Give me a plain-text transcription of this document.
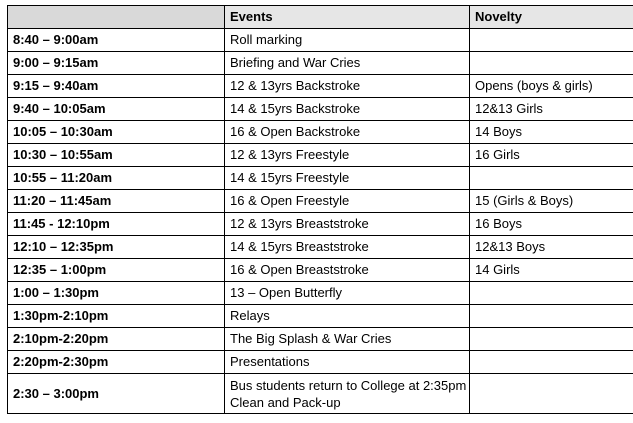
	Events	Novelty
8:40 – 9:00am	Roll marking	
9:00 – 9:15am	Briefing and War Cries	
9:15 – 9:40am	12 & 13yrs Backstroke	Opens (boys & girls)
9:40 – 10:05am	14 & 15yrs Backstroke	12&13 Girls
10:05 – 10:30am	16 & Open Backstroke	14 Boys
10:30 – 10:55am	12 & 13yrs Freestyle	16 Girls
10:55 – 11:20am	14 & 15yrs Freestyle	
11:20 – 11:45am	16 & Open Freestyle	15 (Girls & Boys)
11:45 - 12:10pm	12 & 13yrs Breaststroke	16 Boys
12:10 – 12:35pm	14 & 15yrs Breaststroke	12&13 Boys
12:35 – 1:00pm	16 & Open Breaststroke	14 Girls
1:00 – 1:30pm	13 – Open Butterfly	
1:30pm-2:10pm	Relays	
2:10pm-2:20pm	The Big Splash & War Cries	
2:20pm-2:30pm	Presentations	
2:30 – 3:00pm	Bus students return to College at 2:35pm
Clean and Pack-up	
